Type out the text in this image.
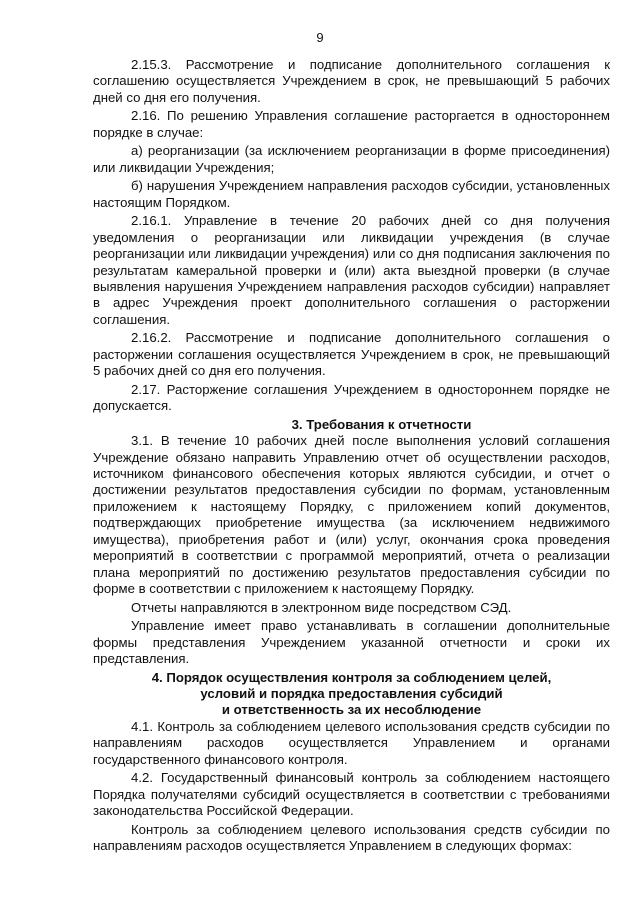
9

2.15.3. Рассмотрение и подписание дополнительного соглашения к соглашению осуществляется Учреждением в срок, не превышающий 5 рабочих дней со дня его получения.

2.16. По решению Управления соглашение расторгается в одностороннем порядке в случае:

а) реорганизации (за исключением реорганизации в форме присоединения) или ликвидации Учреждения;

б) нарушения Учреждением направления расходов субсидии, установленных настоящим Порядком.

2.16.1. Управление в течение 20 рабочих дней со дня получения уведомления о реорганизации или ликвидации учреждения (в случае реорганизации или ликвидации учреждения) или со дня подписания заключения по результатам камеральной проверки и (или) акта выездной проверки (в случае выявления нарушения Учреждением направления расходов субсидии) направляет в адрес Учреждения проект дополнительного соглашения о расторжении соглашения.

2.16.2. Рассмотрение и подписание дополнительного соглашения о расторжении соглашения осуществляется Учреждением в срок, не превышающий 5 рабочих дней со дня его получения.

2.17. Расторжение соглашения Учреждением в одностороннем порядке не допускается.

3. Требования к отчетности

3.1. В течение 10 рабочих дней после выполнения условий соглашения Учреждение обязано направить Управлению отчет об осуществлении расходов, источником финансового обеспечения которых являются субсидии, и отчет о достижении результатов предоставления субсидии по формам, установленным приложением к настоящему Порядку, с приложением копий документов, подтверждающих приобретение имущества (за исключением недвижимого имущества), приобретения работ и (или) услуг, окончания срока проведения мероприятий в соответствии с программой мероприятий, отчета о реализации плана мероприятий по достижению результатов предоставления субсидии по форме в соответствии с приложением к настоящему Порядку.

Отчеты направляются в электронном виде посредством СЭД.

Управление имеет право устанавливать в соглашении дополнительные формы представления Учреждением указанной отчетности и сроки их представления.

4. Порядок осуществления контроля за соблюдением целей,
условий и порядка предоставления субсидий
и ответственность за их несоблюдение

4.1. Контроль за соблюдением целевого использования средств субсидии по направлениям расходов осуществляется Управлением и органами государственного финансового контроля.

4.2. Государственный финансовый контроль за соблюдением настоящего Порядка получателями субсидий осуществляется в соответствии с требованиями законодательства Российской Федерации.

Контроль за соблюдением целевого использования средств субсидии по направлениям расходов осуществляется Управлением в следующих формах:
